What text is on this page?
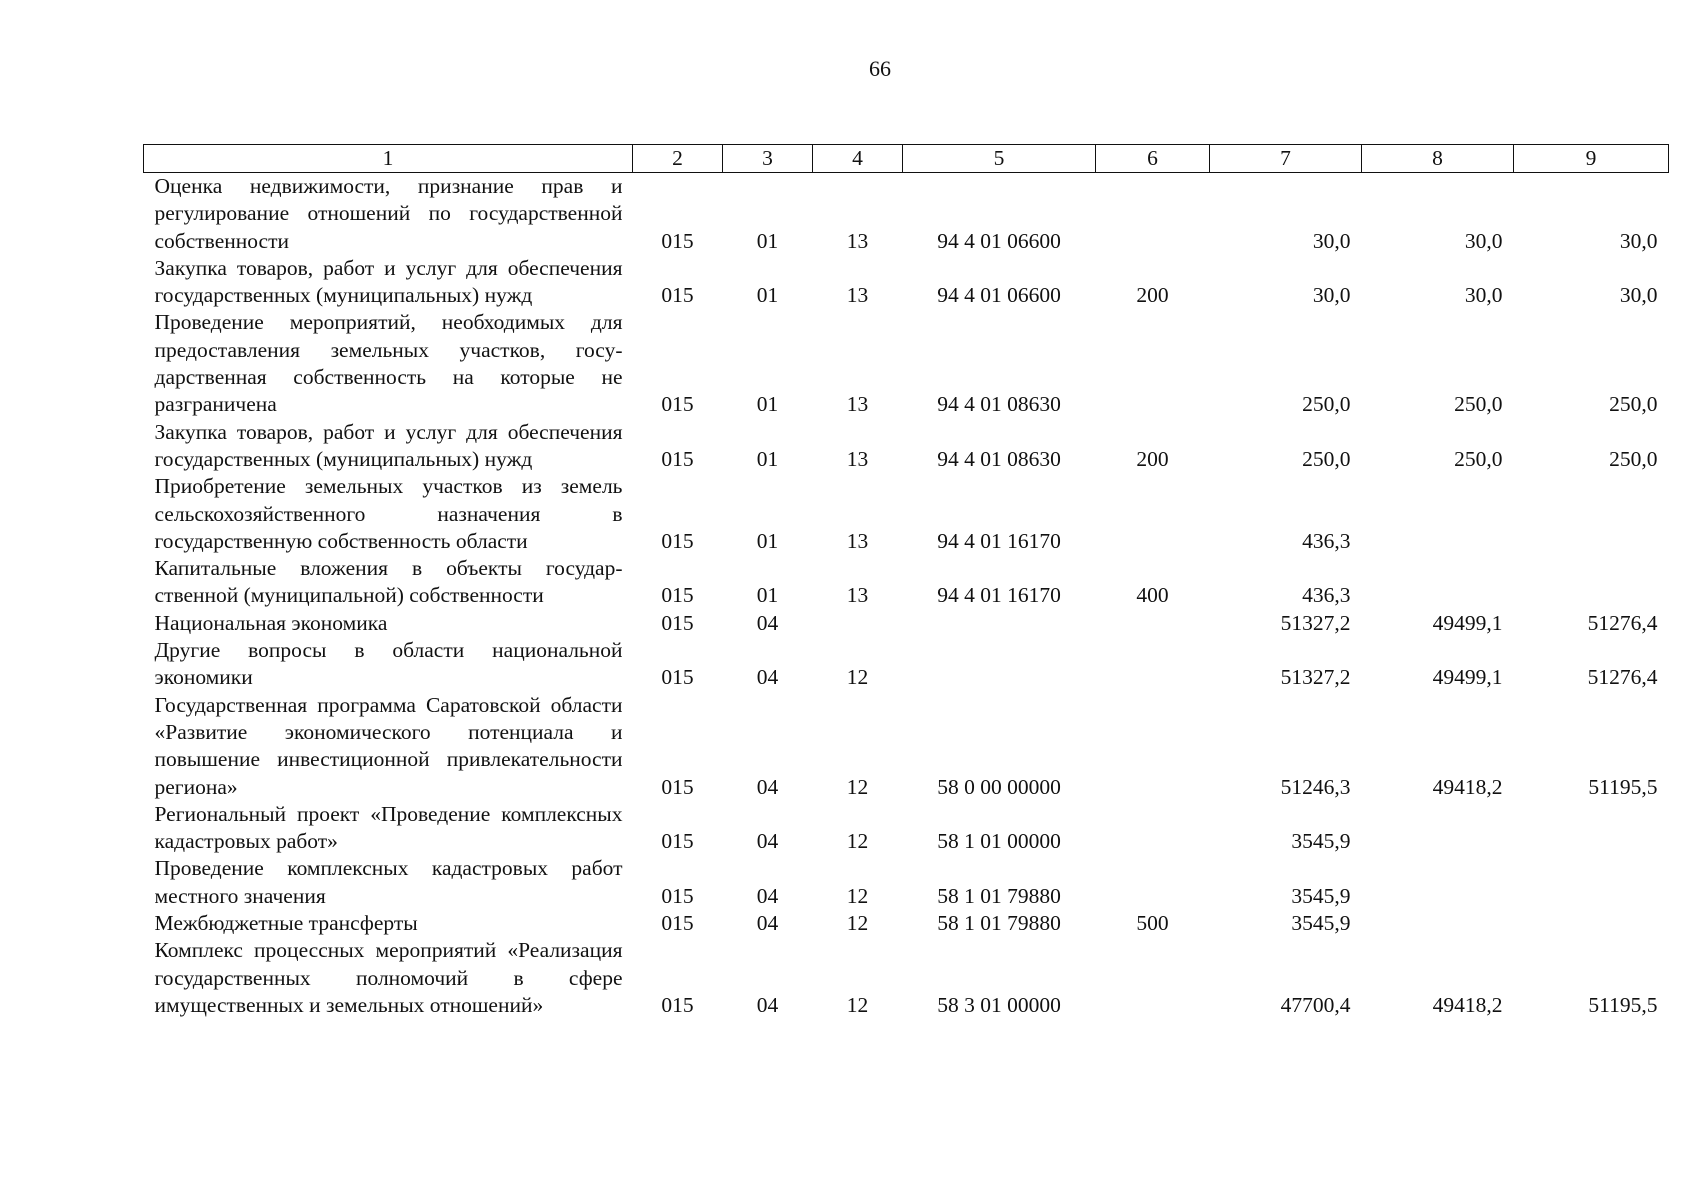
66
1	2	3	4	5	6	7	8	9
Оценка недвижимости, признание прав и регулирование отношений по государственной собственности	015	01	13	94 4 01 06600		30,0	30,0	30,0
Закупка товаров, работ и услуг для обеспечения государственных (муниципальных) нужд	015	01	13	94 4 01 06600	200	30,0	30,0	30,0
Проведение мероприятий, необходимых для предоставления земельных участков, государственная собственность на которые не разграничена	015	01	13	94 4 01 08630		250,0	250,0	250,0
Закупка товаров, работ и услуг для обеспечения государственных (муниципальных) нужд	015	01	13	94 4 01 08630	200	250,0	250,0	250,0
Приобретение земельных участков из земель сельскохозяйственного назначения в государственную собственность области	015	01	13	94 4 01 16170		436,3		
Капитальные вложения в объекты государственной (муниципальной) собственности	015	01	13	94 4 01 16170	400	436,3		
Национальная экономика	015	04				51327,2	49499,1	51276,4
Другие вопросы в области национальной экономики	015	04	12			51327,2	49499,1	51276,4
Государственная программа Саратовской области «Развитие экономического потенциала и повышение инвестиционной привлекательности региона»	015	04	12	58 0 00 00000		51246,3	49418,2	51195,5
Региональный проект «Проведение комплексных кадастровых работ»	015	04	12	58 1 01 00000		3545,9		
Проведение комплексных кадастровых работ местного значения	015	04	12	58 1 01 79880		3545,9		
Межбюджетные трансферты	015	04	12	58 1 01 79880	500	3545,9		
Комплекс процессных мероприятий «Реализация государственных полномочий в сфере имущественных и земельных отношений»	015	04	12	58 3 01 00000		47700,4	49418,2	51195,5
